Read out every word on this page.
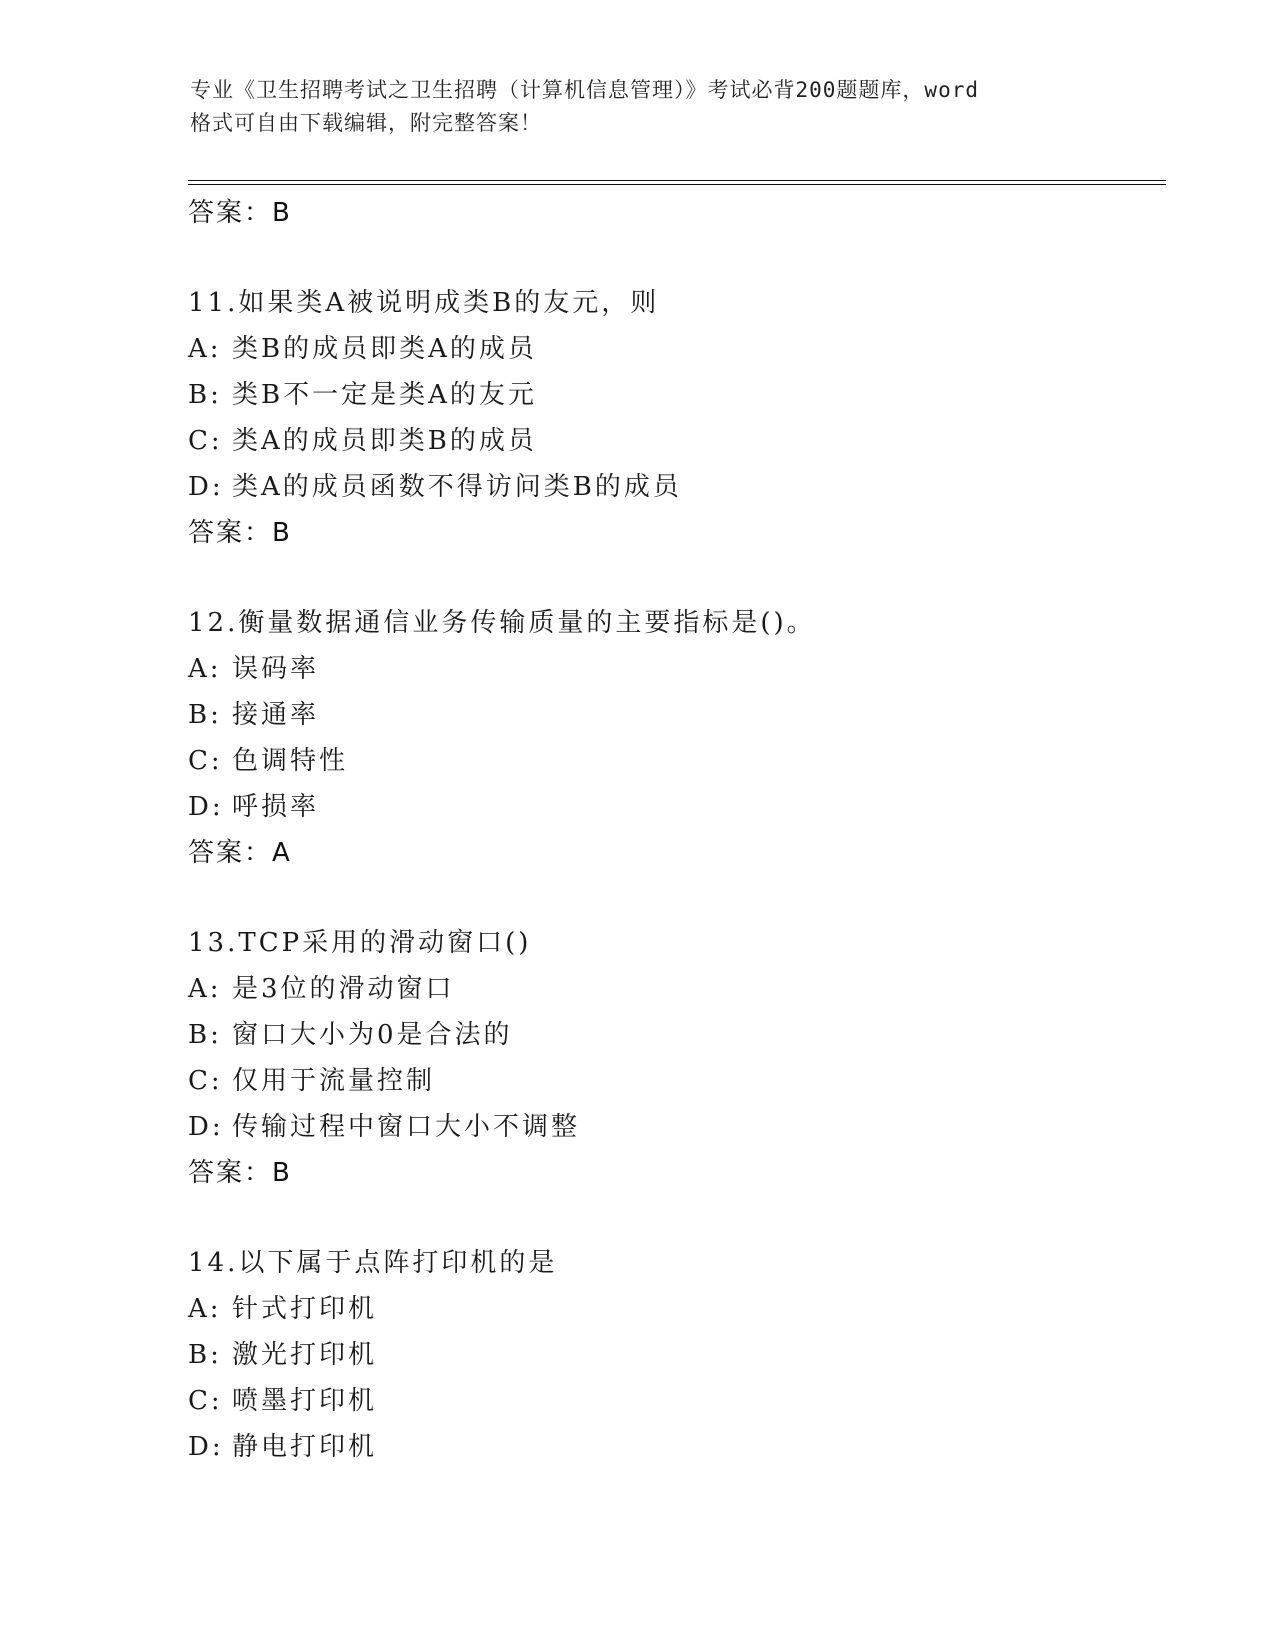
专业《卫生招聘考试之卫生招聘（计算机信息管理）》考试必背200题题库，word
格式可自由下载编辑，附完整答案！
答案：B
11.如果类A被说明成类B的友元，则
A: 类B的成员即类A的成员
B: 类B不一定是类A的友元
C: 类A的成员即类B的成员
D: 类A的成员函数不得访问类B的成员
答案：B
12.衡量数据通信业务传输质量的主要指标是()。
A: 误码率
B: 接通率
C: 色调特性
D: 呼损率
答案：A
13.TCP采用的滑动窗口()
A: 是3位的滑动窗口
B: 窗口大小为0是合法的
C: 仅用于流量控制
D: 传输过程中窗口大小不调整
答案：B
14.以下属于点阵打印机的是
A: 针式打印机
B: 激光打印机
C: 喷墨打印机
D: 静电打印机
